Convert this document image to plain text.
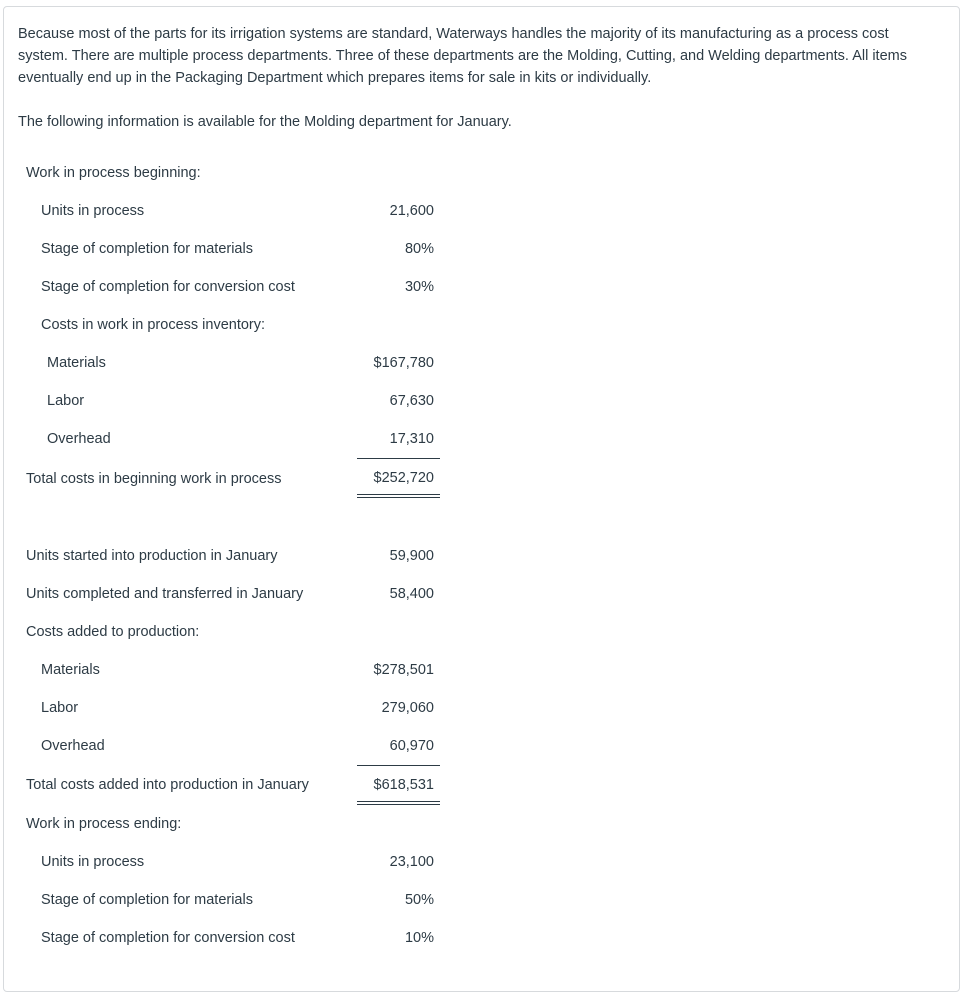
Because most of the parts for its irrigation systems are standard, Waterways handles the majority of its manufacturing as a process cost system. There are multiple process departments. Three of these departments are the Molding, Cutting, and Welding departments. All items eventually end up in the Packaging Department which prepares items for sale in kits or individually.

The following information is available for the Molding department for January.

Work in process beginning:
Units in process	21,600
Stage of completion for materials	80%
Stage of completion for conversion cost	30%
Costs in work in process inventory:
Materials	$167,780
Labor	67,630
Overhead	17,310
Total costs in beginning work in process	$252,720
Units started into production in January	59,900
Units completed and transferred in January	58,400
Costs added to production:
Materials	$278,501
Labor	279,060
Overhead	60,970
Total costs added into production in January	$618,531
Work in process ending:
Units in process	23,100
Stage of completion for materials	50%
Stage of completion for conversion cost	10%
